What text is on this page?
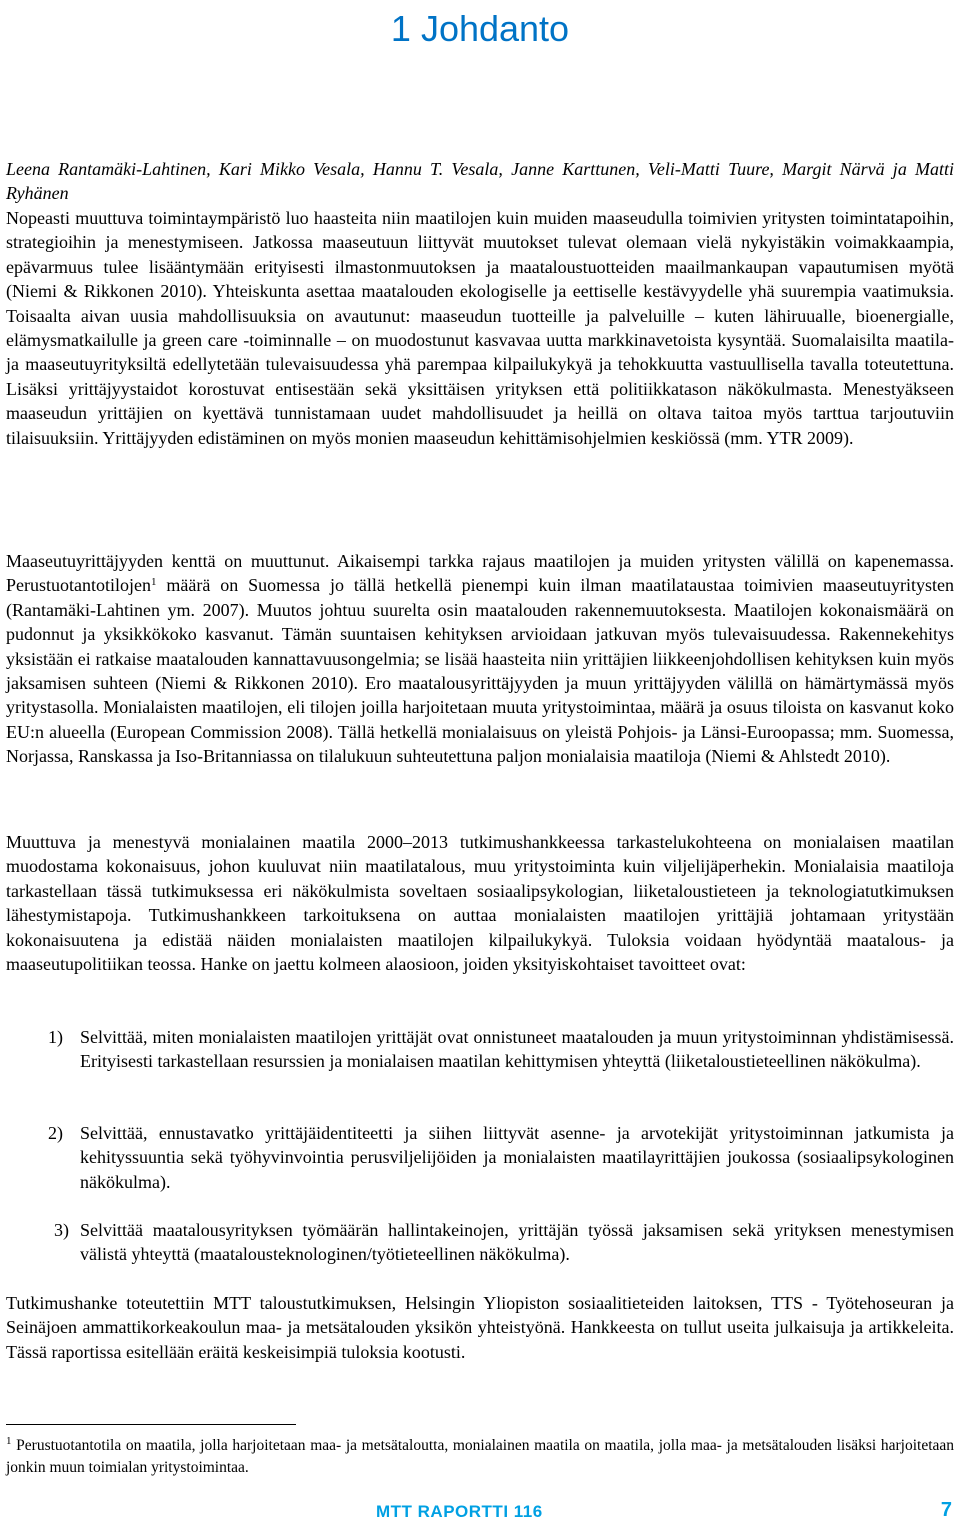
1 Johdanto
Leena Rantamäki-Lahtinen, Kari Mikko Vesala, Hannu T. Vesala, Janne Karttunen, Veli-Matti Tuure, Margit Närvä ja Matti Ryhänen

Nopeasti muuttuva toimintaympäristö luo haasteita niin maatilojen kuin muiden maaseudulla toimivien yritysten toimintatapoihin, strategioihin ja menestymiseen. Jatkossa maaseutuun liittyvät muutokset tulevat olemaan vielä nykyistäkin voimakkaampia, epävarmuus tulee lisääntymään erityisesti ilmastonmuutoksen ja maataloustuotteiden maailmankaupan vapautumisen myötä (Niemi & Rikkonen 2010). Yhteiskunta asettaa maatalouden ekologiselle ja eettiselle kestävyydelle yhä suurempia vaatimuksia. Toisaalta aivan uusia mahdollisuuksia on avautunut: maaseudun tuotteille ja palveluille – kuten lähiruualle, bioenergialle, elämysmatkailulle ja green care -toiminnalle – on muodostunut kasvavaa uutta markkinavetoista kysyntää. Suomalaisilta maatila- ja maaseutuyrityksiltä edellytetään tulevaisuudessa yhä parempaa kilpailukykyä ja tehokkuutta vastuullisella tavalla toteutettuna. Lisäksi yrittäjyystaidot korostuvat entisestään sekä yksittäisen yrityksen että politiikkatason näkökulmasta. Menestyäkseen maaseudun yrittäjien on kyettävä tunnistamaan uudet mahdollisuudet ja heillä on oltava taitoa myös tarttua tarjoutuviin tilaisuuksiin. Yrittäjyyden edistäminen on myös monien maaseudun kehittämisohjelmien keskiössä (mm. YTR 2009).

Maaseutuyrittäjyyden kenttä on muuttunut. Aikaisempi tarkka rajaus maatilojen ja muiden yritysten välillä on kapenemassa. Perustuotantotilojen$^1$ määrä on Suomessa jo tällä hetkellä pienempi kuin ilman maatilataustaa toimivien maaseutuyritysten (Rantamäki-Lahtinen ym. 2007). Muutos johtuu suurelta osin maatalouden rakennemuutoksesta. Maatilojen kokonaismäärä on pudonnut ja yksikkökoko kasvanut. Tämän suuntaisen kehityksen arvioidaan jatkuvan myös tulevaisuudessa. Rakennekehitys yksistään ei ratkaise maatalouden kannattavuusongelmia; se lisää haasteita niin yrittäjien liikkeenjohdollisen kehityksen kuin myös jaksamisen suhteen (Niemi & Rikkonen 2010). Ero maatalousyrittäjyyden ja muun yrittäjyyden välillä on hämärtymässä myös yritystasolla. Monialaisten maatilojen, eli tilojen joilla harjoitetaan muuta yritystoimintaa, määrä ja osuus tiloista on kasvanut koko EU:n alueella (European Commission 2008). Tällä hetkellä monialaisuus on yleistä Pohjois- ja Länsi-Euroopassa; mm. Suomessa, Norjassa, Ranskassa ja Iso-Britanniassa on tilalukuun suhteutettuna paljon monialaisia maatiloja (Niemi & Ahlstedt 2010).

Muuttuva ja menestyvä monialainen maatila 2000–2013 tutkimushankkeessa tarkastelukohteena on monialaisen maatilan muodostama kokonaisuus, johon kuuluvat niin maatilatalous, muu yritystoiminta kuin viljelijäperhekin. Monialaisia maatiloja tarkastellaan tässä tutkimuksessa eri näkökulmista soveltaen sosiaalipsykologian, liiketaloustieteen ja teknologiatutkimuksen lähestymistapoja. Tutkimushankkeen tarkoituksena on auttaa monialaisten maatilojen yrittäjiä johtamaan yritystään kokonaisuutena ja edistää näiden monialaisten maatilojen kilpailukykyä. Tuloksia voidaan hyödyntää maatalous- ja maaseutupolitiikan teossa. Hanke on jaettu kolmeen alaosioon, joiden yksityiskohtaiset tavoitteet ovat:

1) Selvittää, miten monialaisten maatilojen yrittäjät ovat onnistuneet maatalouden ja muun yritystoiminnan yhdistämisessä. Erityisesti tarkastellaan resurssien ja monialaisen maatilan kehittymisen yhteyttä (liiketaloustieteellinen näkökulma).
2) Selvittää, ennustavatko yrittäjäidentiteetti ja siihen liittyvät asenne- ja arvotekijät yritystoiminnan jatkumista ja kehityssuuntia sekä työhyvinvointia perusviljelijöiden ja monialaisten maatilayrittäjien joukossa (sosiaalipsykologinen näkökulma).
3) Selvittää maatalousyrityksen työmäärän hallintakeinojen, yrittäjän työssä jaksamisen sekä yrityksen menestymisen välistä yhteyttä (maatalousteknologinen/työtieteellinen näkökulma).

Tutkimushanke toteutettiin MTT taloustutkimuksen, Helsingin Yliopiston sosiaalitieteiden laitoksen, TTS - Työtehoseuran ja Seinäjoen ammattikorkeakoulun maa- ja metsätalouden yksikön yhteistyönä. Hankkeesta on tullut useita julkaisuja ja artikkeleita. Tässä raportissa esitellään eräitä keskeisimpiä tuloksia kootusti.

$^1$ Perustuotantotila on maatila, jolla harjoitetaan maa- ja metsätaloutta, monialainen maatila on maatila, jolla maa- ja metsätalouden lisäksi harjoitetaan jonkin muun toimialan yritystoimintaa.
MTT RAPORTTI 116	7
